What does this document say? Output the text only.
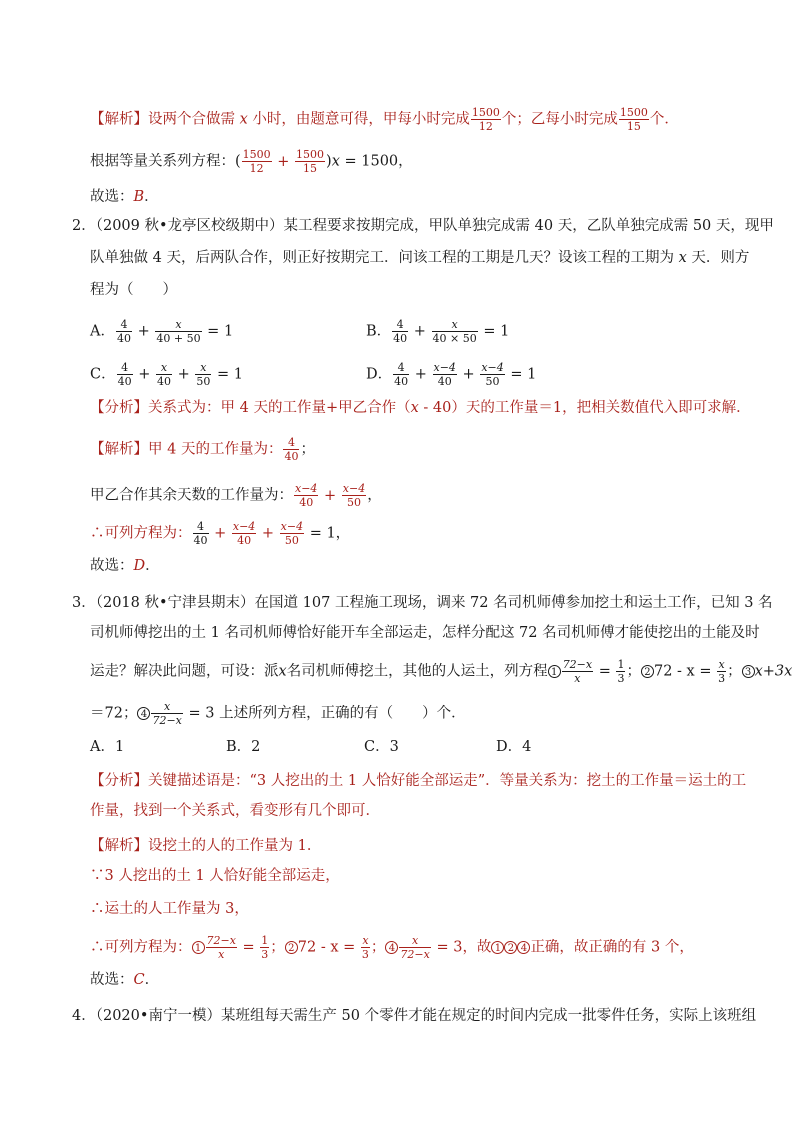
【解析】设两个合做需 x 小时，由题意可得，甲每小时完成 $\frac{1500}{12}$ 个；乙每小时完成 $\frac{1500}{15}$ 个．
根据等量关系列方程：( $\frac{1500}{12} + \frac{1500}{15} )x = 1500$，
故选：B．
2．（2009 秋•龙亭区校级期中）某工程要求按期完成，甲队单独完成需 40 天，乙队单独完成需 50 天，现甲
队单独做 4 天，后两队合作，则正好按期完工．问该工程的工期是几天？设该工程的工期为 x 天．则方
程为（　　）
A． $\frac{4}{40} + \frac{x}{40 + 50} = 1$	B． $\frac{4}{40} + \frac{x}{40 \times 50} = 1$
C． $\frac{4}{40} + \frac{x}{40} + \frac{x}{50} = 1$	D． $\frac{4}{40} + \frac{x-4}{40} + \frac{x-4}{50} = 1$
【分析】关系式为：甲 4 天的工作量+甲乙合作（x - 40）天的工作量＝1，把相关数值代入即可求解．
【解析】甲 4 天的工作量为： $\frac{4}{40}$ ；
甲乙合作其余天数的工作量为： $\frac{x-4}{40} + \frac{x-4}{50}$ ，
∴可列方程为： $\frac{4}{40} + \frac{x-4}{40} + \frac{x-4}{50} = 1$，
故选：D．
3．（2018 秋•宁津县期末）在国道 107 工程施工现场，调来 72 名司机师傅参加挖土和运土工作，已知 3 名
司机师傅挖出的土 1 名司机师傅恰好能开车全部运走，怎样分配这 72 名司机师傅才能使挖出的土能及时
运走？解决此问题，可设：派x名司机师傅挖土，其他的人运土，列方程 $1 \frac{72-x}{x} = \frac{1}{3}$ ； 2 $72 - x = \frac{x}{3}$ ； 3 x+3x
＝72； $4 \frac{x}{72-x} = 3$ 上述所列方程，正确的有（　　）个．
A．1	B．2	C．3	D．4
【分析】关键描述语是：“3 人挖出的土 1 人恰好能全部运走”．等量关系为：挖土的工作量＝运土的工
作量，找到一个关系式，看变形有几个即可．
【解析】设挖土的人的工作量为 1．
∵3 人挖出的土 1 人恰好能全部运走，
∴运土的人工作量为 3，
∴可列方程为： $1 \frac{72-x}{x} = \frac{1}{3}$ ； 2 $72 - x = \frac{x}{3}$ ； $4 \frac{x}{72-x} = 3$，故 1 2 4 正确，故正确的有 3 个，
故选：C．
4．（2020•南宁一模）某班组每天需生产 50 个零件才能在规定的时间内完成一批零件任务，实际上该班组
